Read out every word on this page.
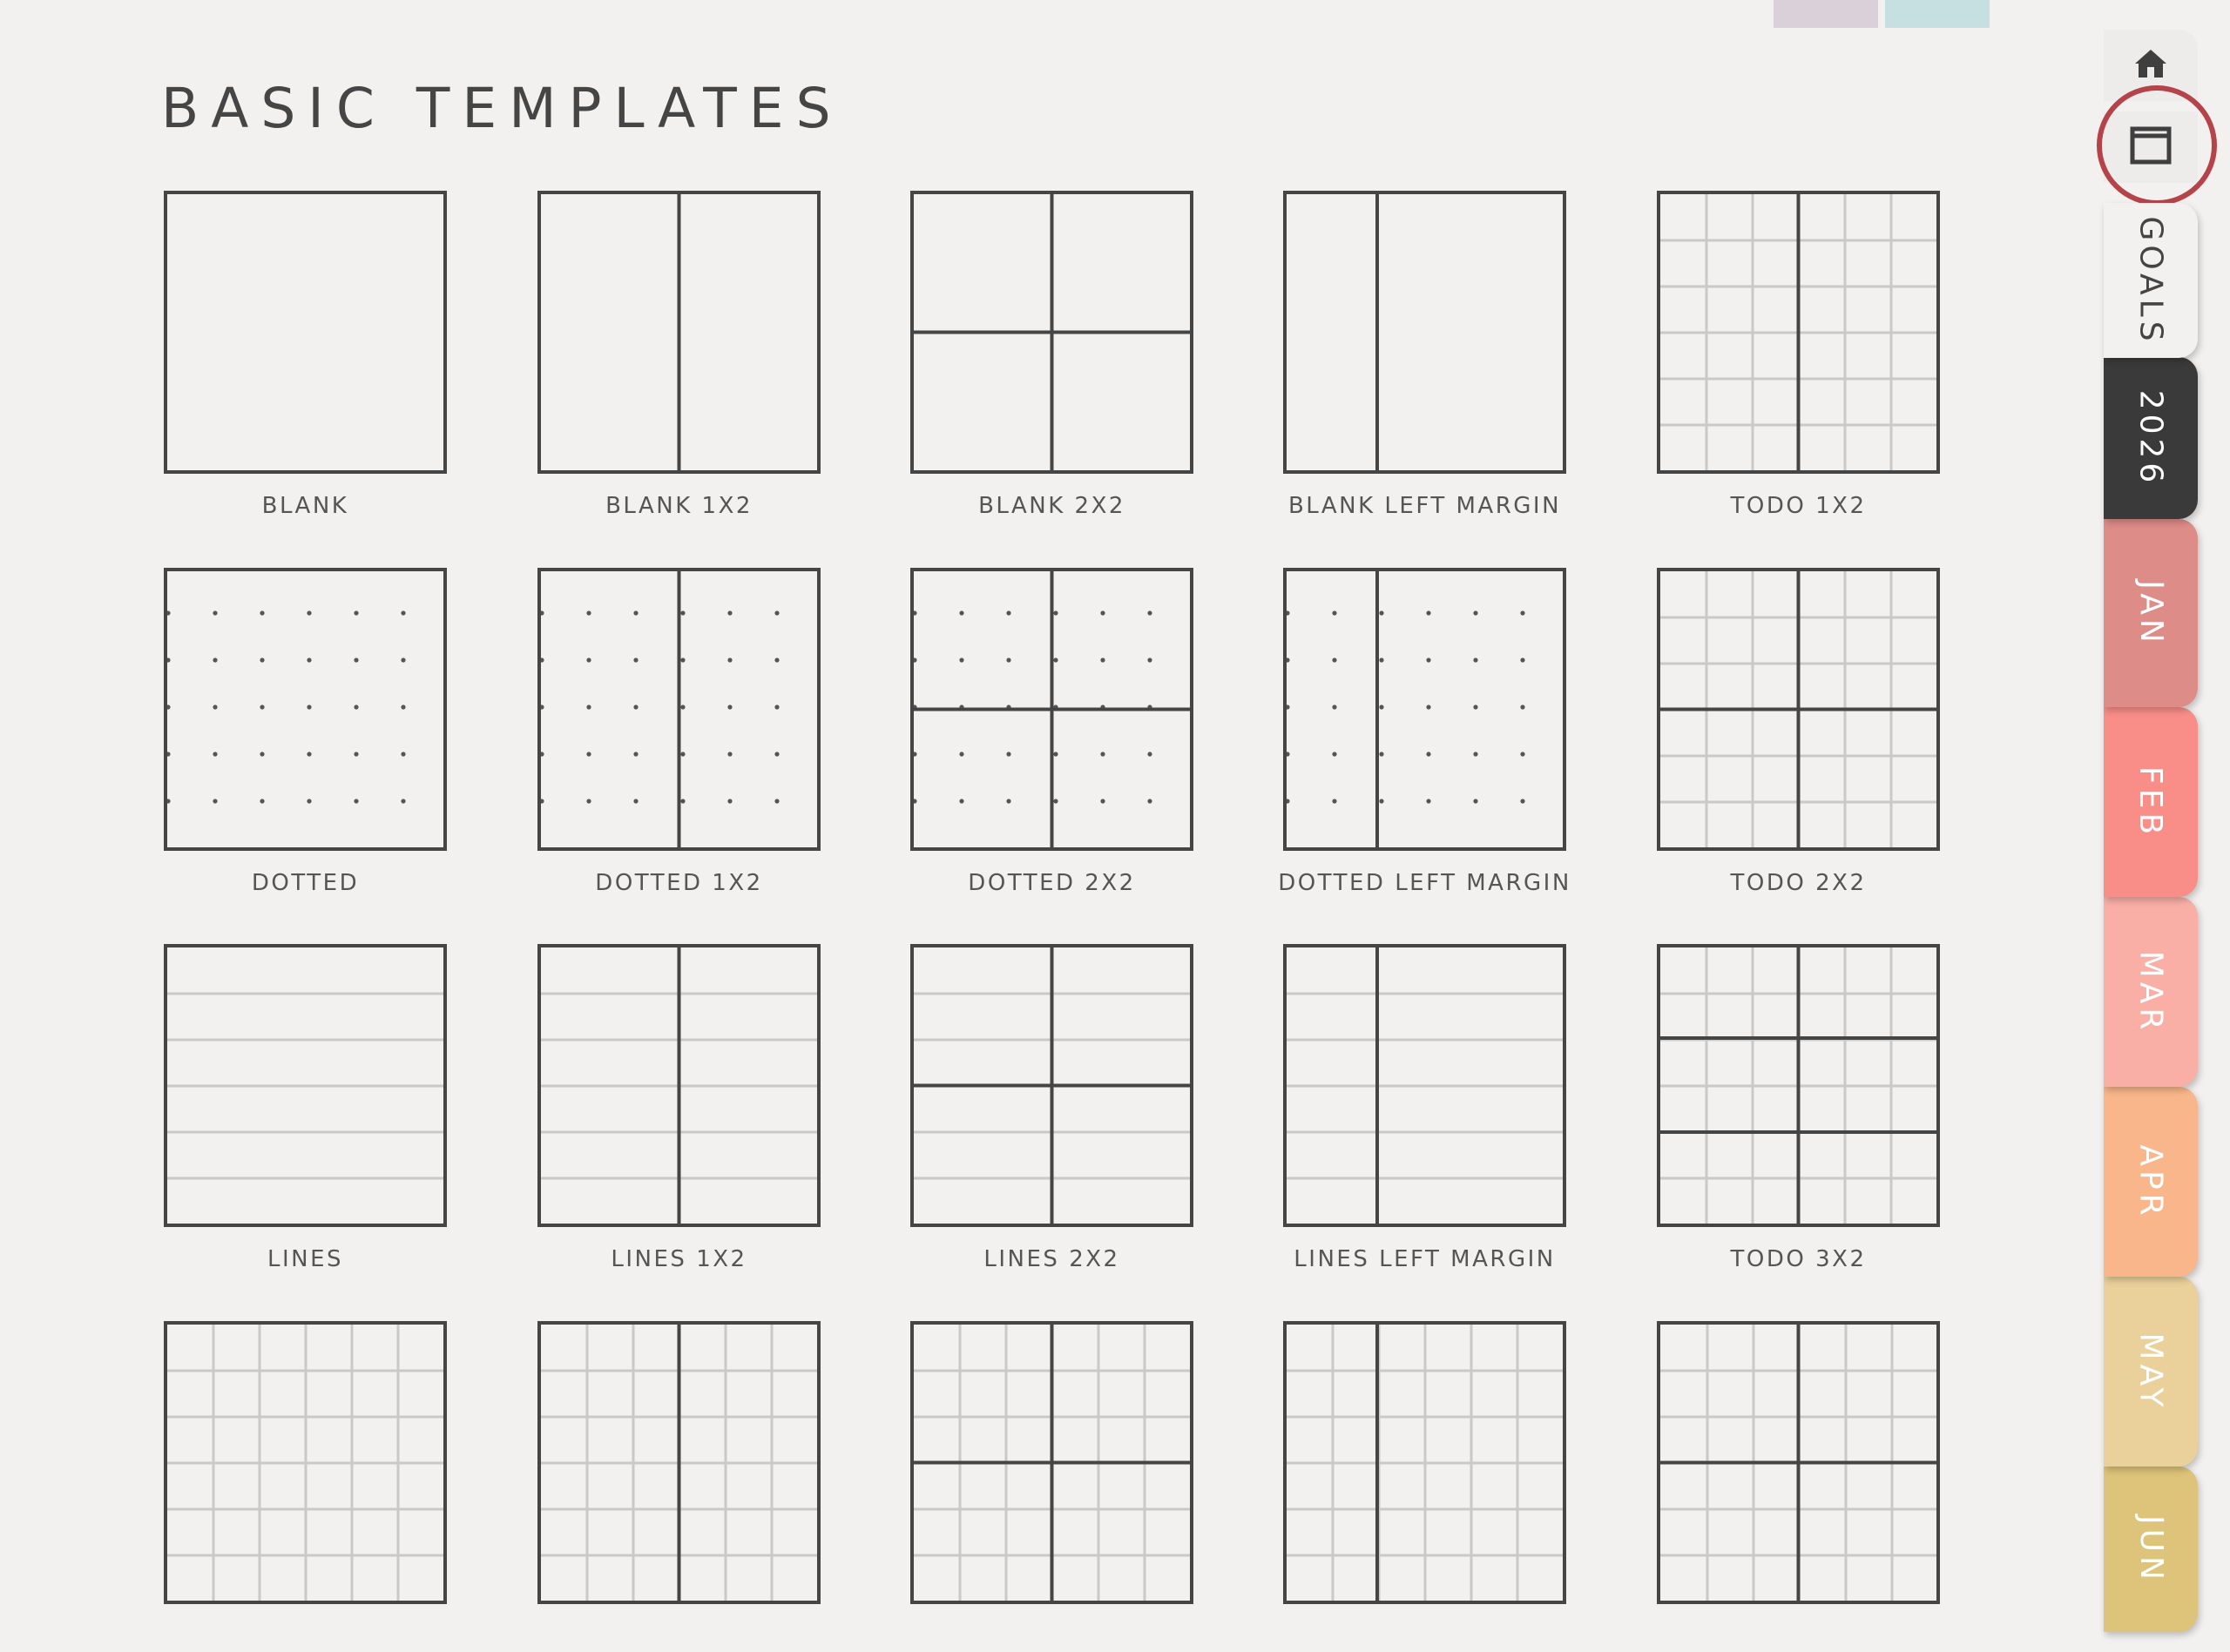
BASIC TEMPLATES
BLANK	BLANK 1X2	BLANK 2X2	BLANK LEFT MARGIN	TODO 1X2
DOTTED	DOTTED 1X2	DOTTED 2X2	DOTTED LEFT MARGIN	TODO 2X2
LINES	LINES 1X2	LINES 2X2	LINES LEFT MARGIN	TODO 3X2
GOALS
2026
JAN
FEB
MAR
APR
MAY
JUN
